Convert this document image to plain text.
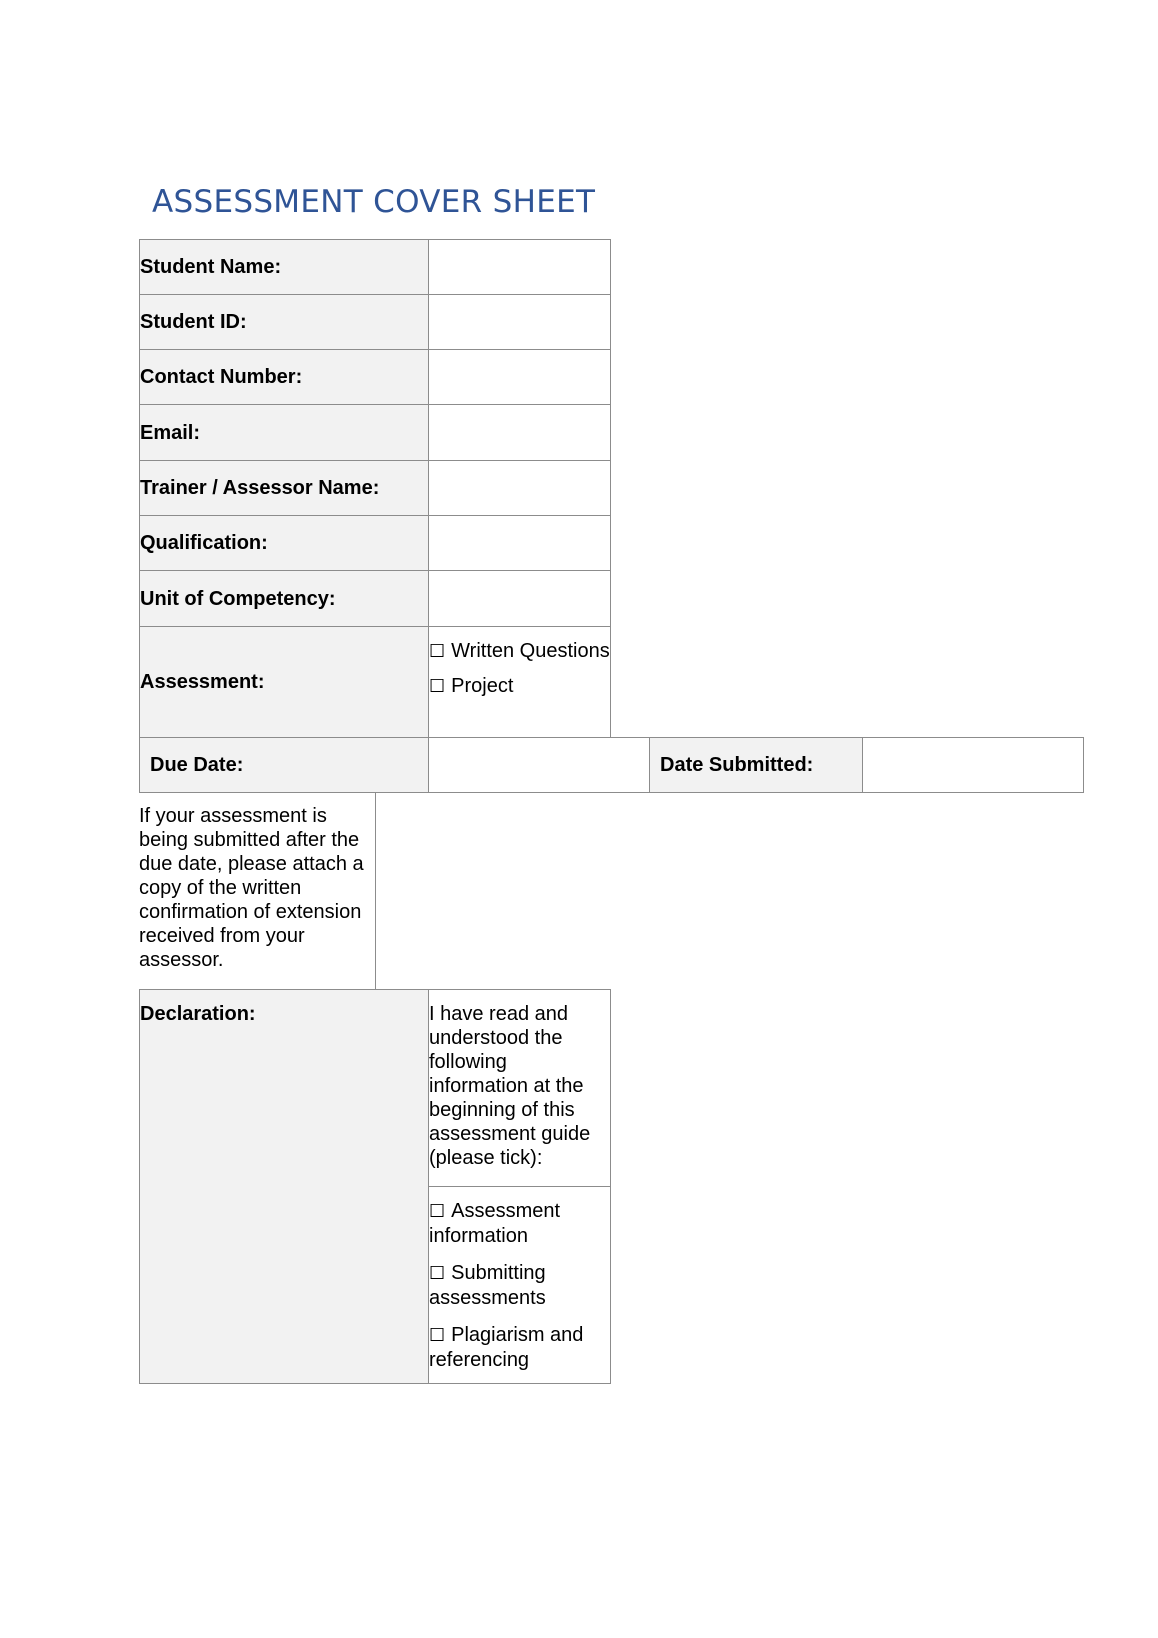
ASSESSMENT COVER SHEET
Student Name:
Student ID:
Contact Number:
Email:
Trainer / Assessor Name:
Qualification:
Unit of Competency:
Assessment:
☐ Written Questions
☐ Project
Due Date:	Date Submitted:
If your assessment is being submitted after the due date, please attach a copy of the written confirmation of extension received from your assessor.
Declaration:	I have read and understood the following information at the beginning of this assessment guide (please tick):
☐ Assessment information
☐ Submitting assessments
☐ Plagiarism and referencing
